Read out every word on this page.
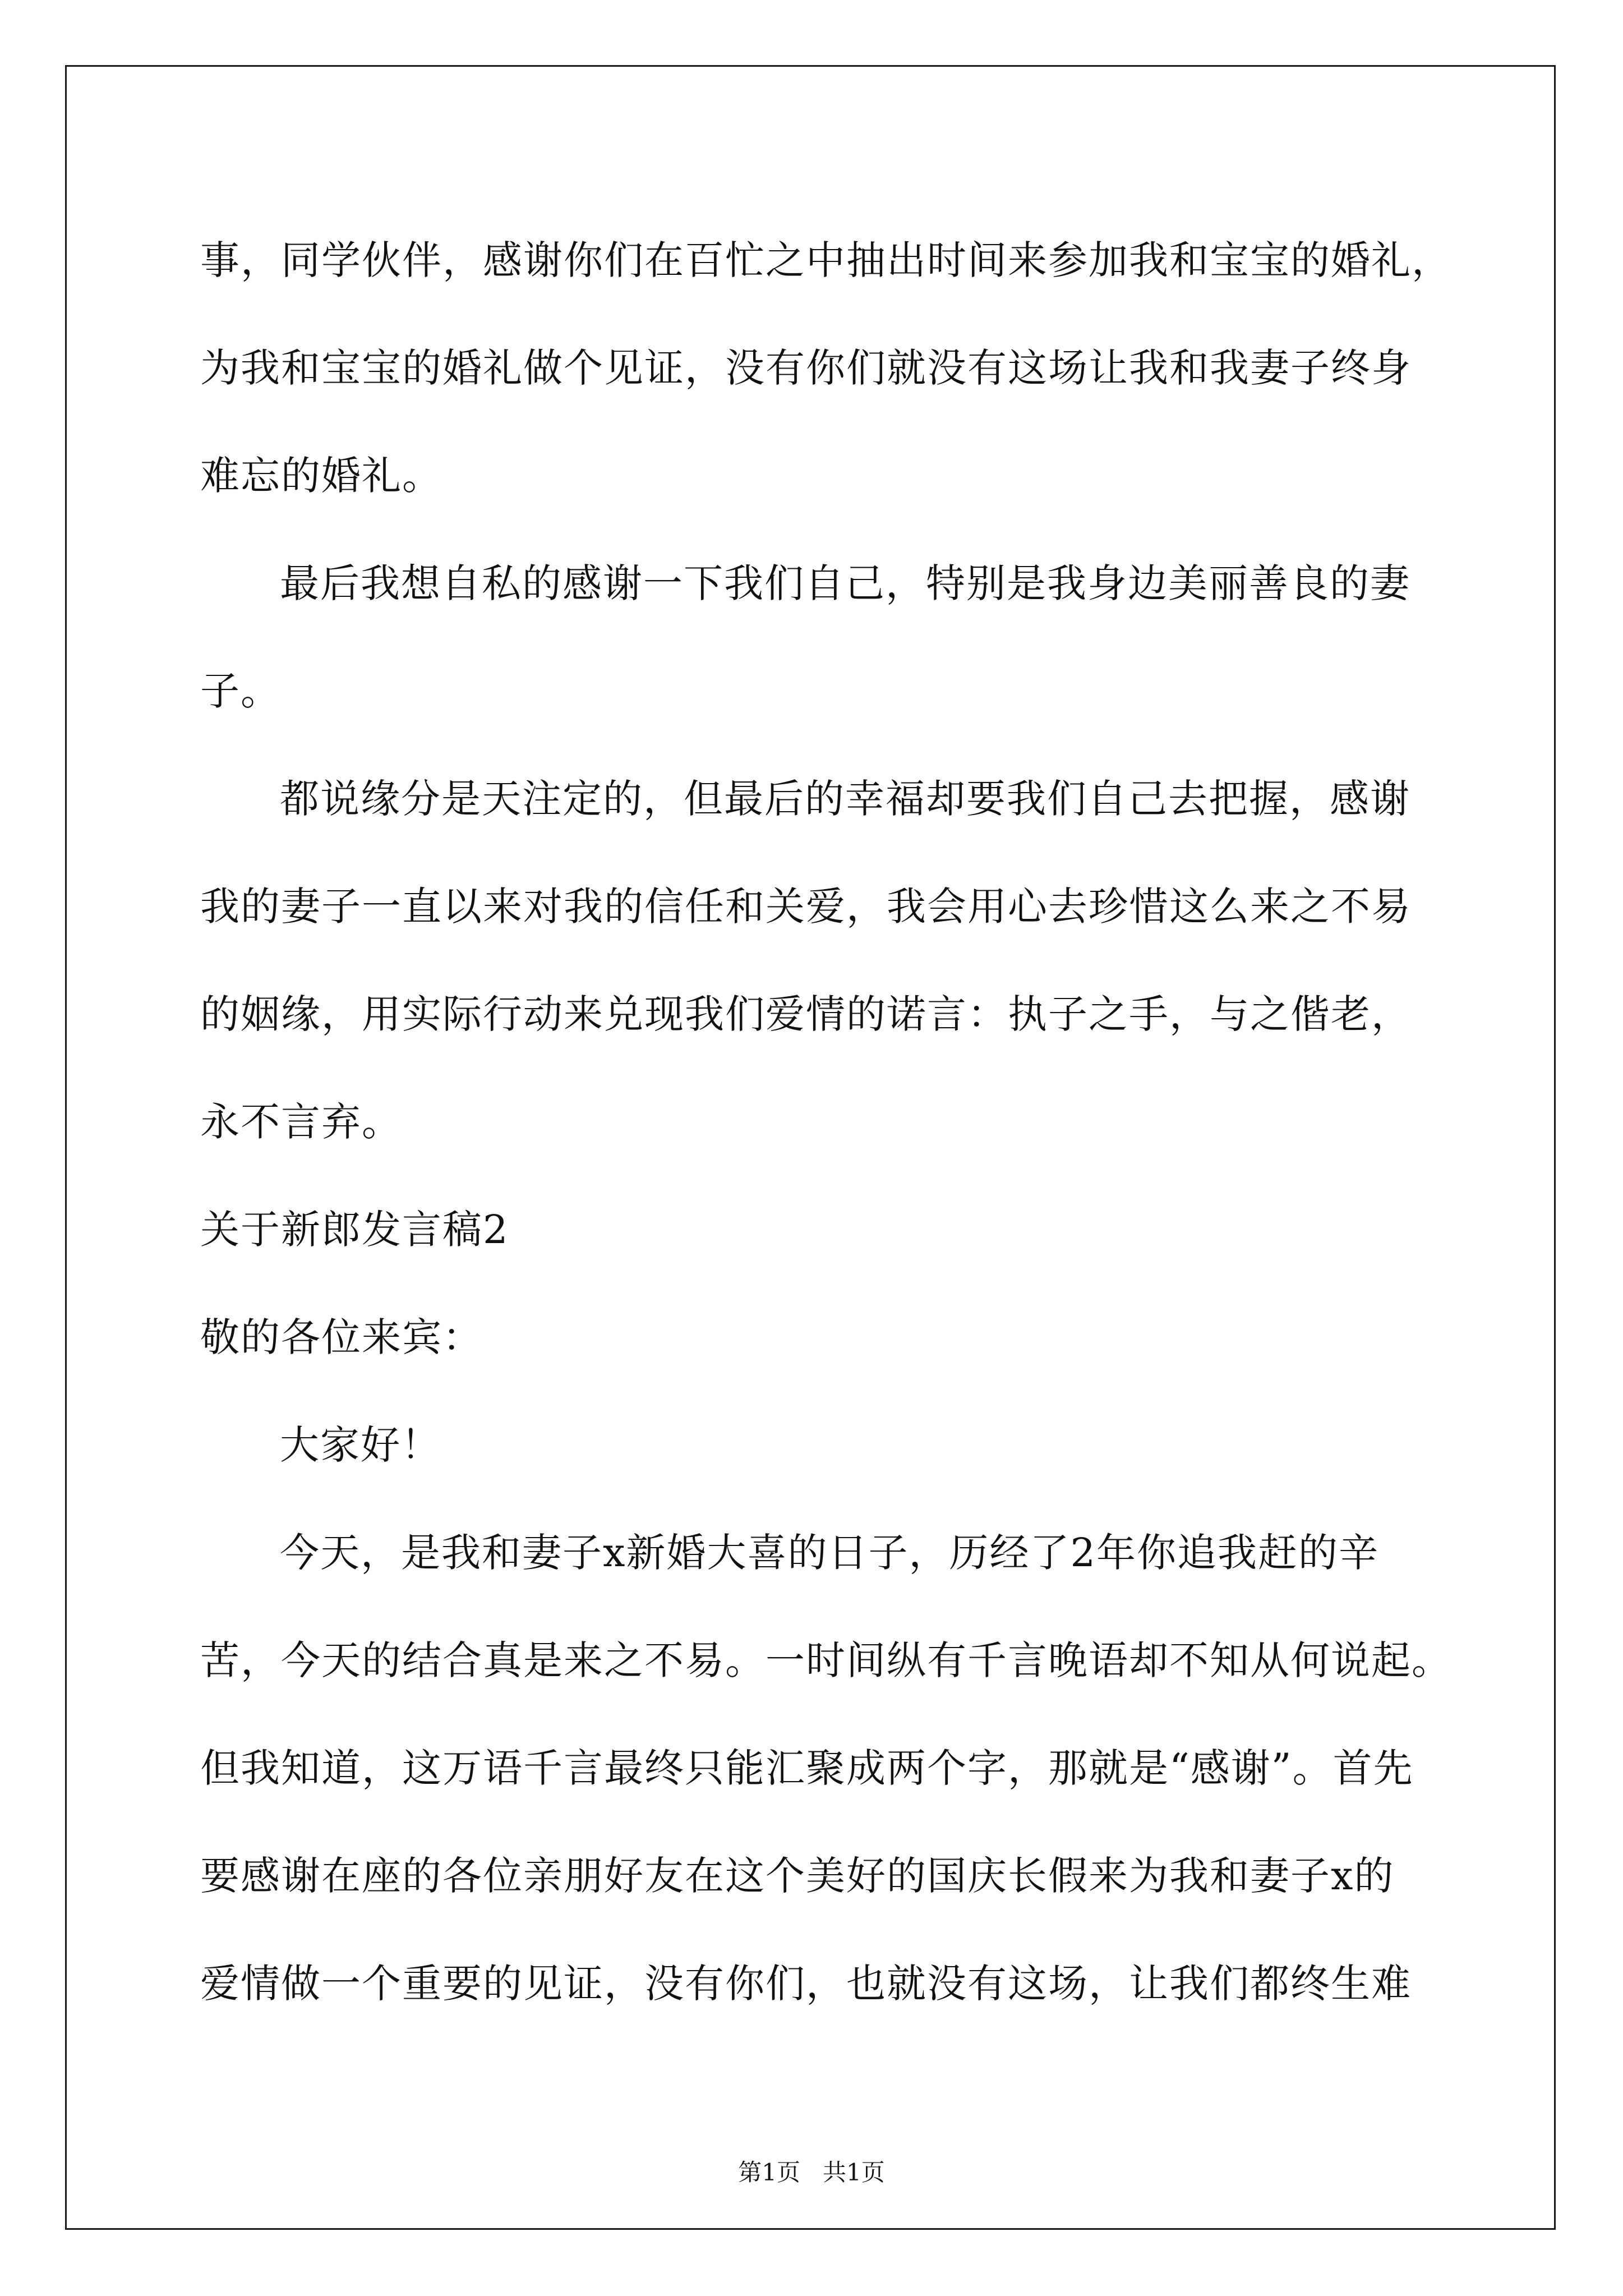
事，同学伙伴，感谢你们在百忙之中抽出时间来参加我和宝宝的婚礼，
为我和宝宝的婚礼做个见证，没有你们就没有这场让我和我妻子终身
难忘的婚礼。
最后我想自私的感谢一下我们自己，特别是我身边美丽善良的妻
子。
都说缘分是天注定的，但最后的幸福却要我们自己去把握，感谢
我的妻子一直以来对我的信任和关爱，我会用心去珍惜这么来之不易
的姻缘，用实际行动来兑现我们爱情的诺言：执子之手，与之偕老，
永不言弃。
关于新郎发言稿2
敬的各位来宾：
大家好！
今天，是我和妻子x新婚大喜的日子，历经了2年你追我赶的辛
苦，今天的结合真是来之不易。一时间纵有千言晚语却不知从何说起。
但我知道，这万语千言最终只能汇聚成两个字，那就是“感谢”。首先
要感谢在座的各位亲朋好友在这个美好的国庆长假来为我和妻子x的
爱情做一个重要的见证，没有你们，也就没有这场，让我们都终生难
第1页   共1页
